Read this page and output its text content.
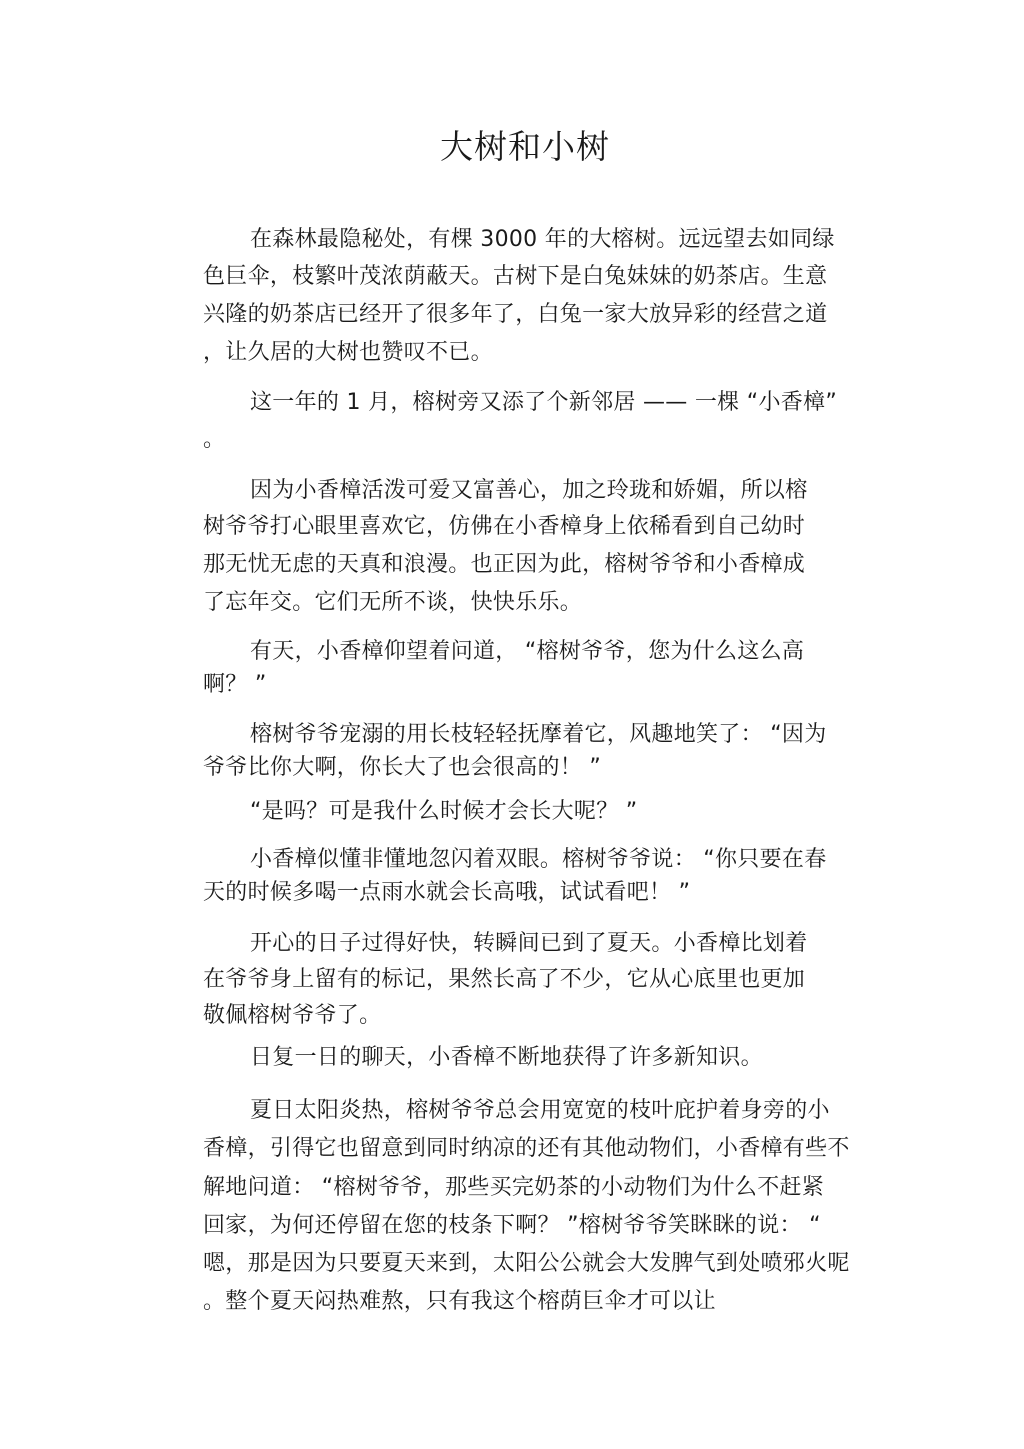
大树和小树
在森林最隐秘处，有棵 3000 年的大榕树。远远望去如同绿
色巨伞，枝繁叶茂浓荫蔽天。古树下是白兔妹妹的奶茶店。生意
兴隆的奶茶店已经开了很多年了，白兔一家大放异彩的经营之道
，让久居的大树也赞叹不已。
这一年的 1 月，榕树旁又添了个新邻居 —— 一棵 “小香樟”
。
因为小香樟活泼可爱又富善心，加之玲珑和娇媚，所以榕
树爷爷打心眼里喜欢它，仿佛在小香樟身上依稀看到自己幼时
那无忧无虑的天真和浪漫。也正因为此，榕树爷爷和小香樟成
了忘年交。它们无所不谈，快快乐乐。
有天，小香樟仰望着问道， “榕树爷爷，您为什么这么高
啊？ ”
榕树爷爷宠溺的用长枝轻轻抚摩着它，风趣地笑了： “因为
爷爷比你大啊，你长大了也会很高的！ ”
“是吗？可是我什么时候才会长大呢？ ”
小香樟似懂非懂地忽闪着双眼。榕树爷爷说： “你只要在春
天的时候多喝一点雨水就会长高哦，试试看吧！ ”
开心的日子过得好快，转瞬间已到了夏天。小香樟比划着
在爷爷身上留有的标记，果然长高了不少，它从心底里也更加
敬佩榕树爷爷了。
日复一日的聊天，小香樟不断地获得了许多新知识。
夏日太阳炎热，榕树爷爷总会用宽宽的枝叶庇护着身旁的小
香樟，引得它也留意到同时纳凉的还有其他动物们，小香樟有些不
解地问道： “榕树爷爷，那些买完奶茶的小动物们为什么不赶紧
回家，为何还停留在您的枝条下啊？ ”榕树爷爷笑眯眯的说： “
嗯，那是因为只要夏天来到，太阳公公就会大发脾气到处喷邪火呢
。整个夏天闷热难熬，只有我这个榕荫巨伞才可以让
